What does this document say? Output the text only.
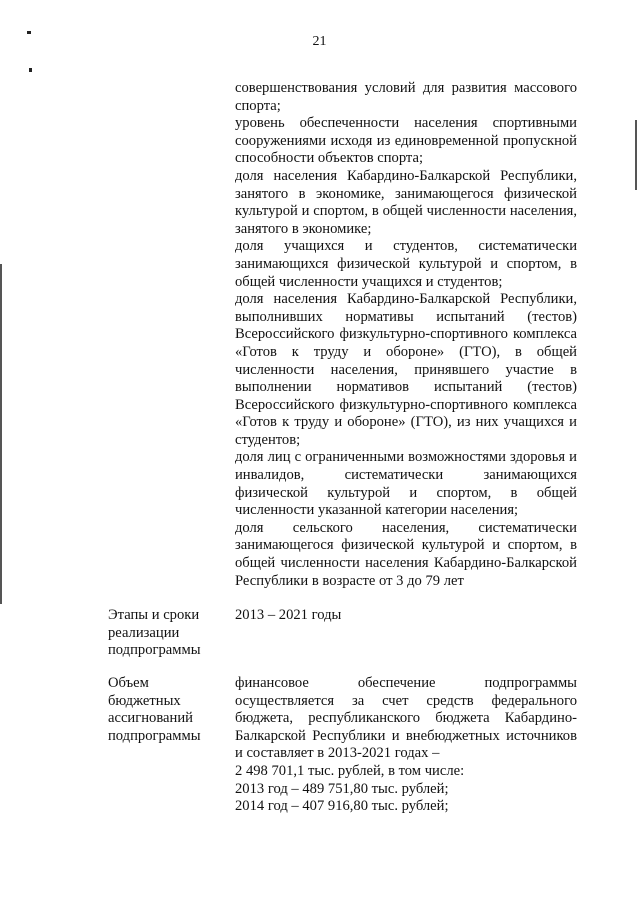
21

совершенствования условий для развития массового спорта;

уровень обеспеченности населения спортивными сооружениями исходя из единовременной пропускной способности объектов спорта;

доля населения Кабардино-Балкарской Республики, занятого в экономике, занимающегося физической культурой и спортом, в общей численности населения, занятого в экономике;

доля учащихся и студентов, систематически занимающихся физической культурой и спортом, в общей численности учащихся и студентов;

доля населения Кабардино-Балкарской Республики, выполнивших нормативы испытаний (тестов) Всероссийского физкультурно-спортивного комплекса «Готов к труду и обороне» (ГТО), в общей численности населения, принявшего участие в выполнении нормативов испытаний (тестов) Всероссийского физкультурно-спортивного комплекса «Готов к труду и обороне» (ГТО), из них учащихся и студентов;

доля лиц с ограниченными возможностями здоровья и инвалидов, систематически занимающихся физической культурой и спортом, в общей численности указанной категории населения;

доля сельского населения, систематически занимающегося физической культурой и спортом, в общей численности населения Кабардино-Балкарской Республики в возрасте от 3 до 79 лет

Этапы и сроки
реализации
подпрограммы

2013 – 2021 годы

Объем
бюджетных
ассигнований
подпрограммы

финансовое обеспечение подпрограммы осуществляется за счет средств федерального бюджета, республиканского бюджета Кабардино-Балкарской Республики и внебюджетных источников и составляет в 2013-2021 годах –

2 498 701,1 тыс. рублей, в том числе:

2013 год – 489 751,80 тыс. рублей;

2014 год – 407 916,80 тыс. рублей;
